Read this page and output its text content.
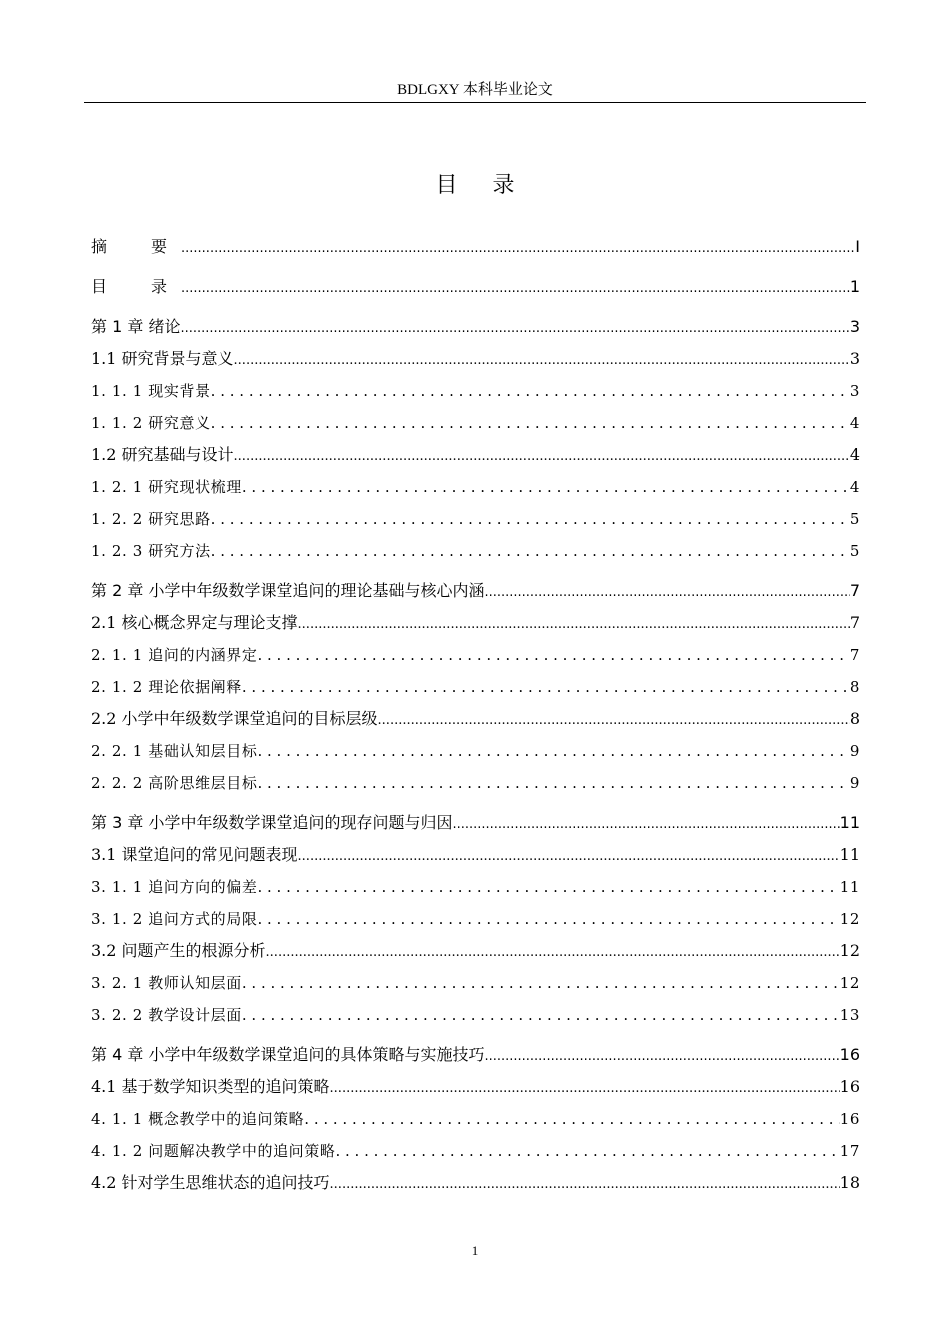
BDLGXY 本科毕业论文
目 录
摘　要 .....	I
目　录 .....	1
第 1 章 绪论 .....	3
1.1 研究背景与意义 .....	3
1. 1. 1 现实背景 . . .	3
1. 1. 2 研究意义 . . .	4
1.2 研究基础与设计 .....	4
1. 2. 1 研究现状梳理 . . .	4
1. 2. 2 研究思路 . . .	5
1. 2. 3 研究方法 . . .	5
第 2 章 小学中年级数学课堂追问的理论基础与核心内涵 .....	7
2.1 核心概念界定与理论支撑 .....	7
2. 1. 1 追问的内涵界定 . . .	7
2. 1. 2 理论依据阐释 . . .	8
2.2 小学中年级数学课堂追问的目标层级 .....	8
2. 2. 1 基础认知层目标 . . .	9
2. 2. 2 高阶思维层目标 . . .	9
第 3 章 小学中年级数学课堂追问的现存问题与归因 .....	11
3.1 课堂追问的常见问题表现 .....	11
3. 1. 1 追问方向的偏差 . . .	11
3. 1. 2 追问方式的局限 . . .	12
3.2 问题产生的根源分析 .....	12
3. 2. 1 教师认知层面 . . .	12
3. 2. 2 教学设计层面 . . .	13
第 4 章 小学中年级数学课堂追问的具体策略与实施技巧 .....	16
4.1 基于数学知识类型的追问策略 .....	16
4. 1. 1 概念教学中的追问策略 . . .	16
4. 1. 2 问题解决教学中的追问策略 . . .	17
4.2 针对学生思维状态的追问技巧 .....	18
1
